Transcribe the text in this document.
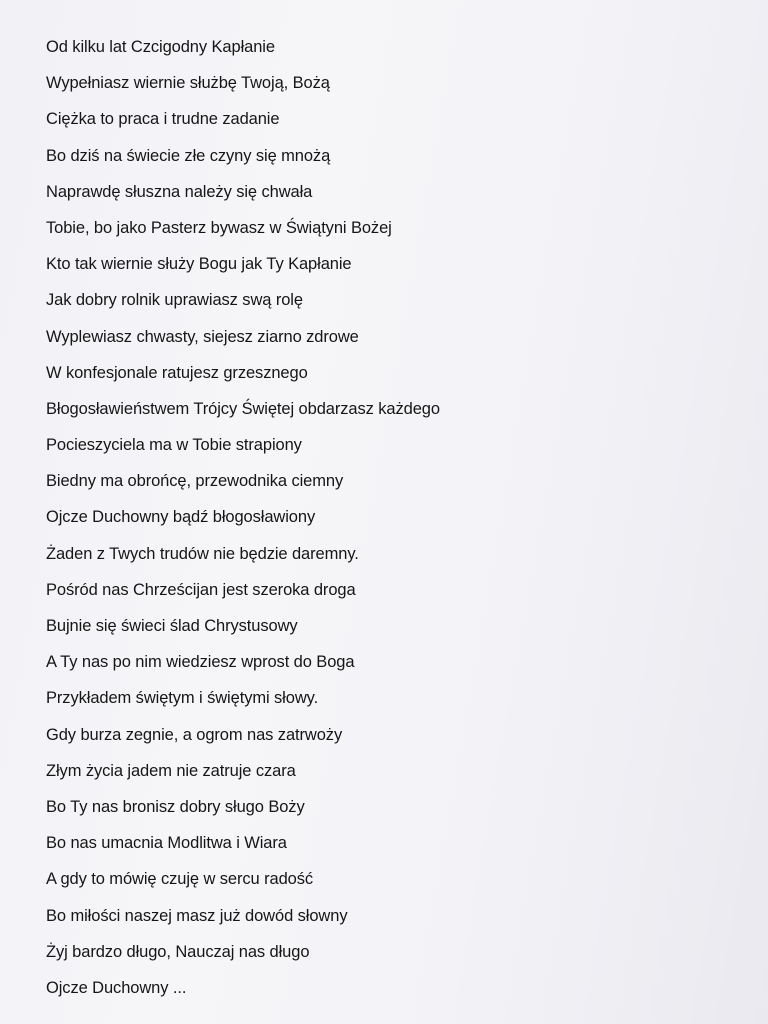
Od kilku lat Czcigodny Kapłanie
Wypełniasz wiernie służbę Twoją, Bożą
Ciężka to praca i trudne zadanie
Bo dziś na świecie złe czyny się mnożą
Naprawdę słuszna należy się chwała
Tobie, bo jako Pasterz bywasz w Świątyni Bożej
Kto tak wiernie służy Bogu jak Ty Kapłanie
Jak dobry rolnik uprawiasz swą rolę
Wyplewiasz chwasty, siejesz ziarno zdrowe
W konfesjonale ratujesz grzesznego
Błogosławieństwem Trójcy Świętej obdarzasz każdego
Pocieszyciela ma w Tobie strapiony
Biedny ma obrońcę, przewodnika ciemny
Ojcze Duchowny bądź błogosławiony
Żaden z Twych trudów nie będzie daremny.
Pośród nas Chrześcijan jest szeroka droga
Bujnie się świeci ślad Chrystusowy
A Ty nas po nim wiedziesz wprost do Boga
Przykładem świętym i świętymi słowy.
Gdy burza zegnie, a ogrom nas zatrwoży
Złym życia jadem nie zatruje czara
Bo Ty nas bronisz dobry sługo Boży
Bo nas umacnia Modlitwa i Wiara
A gdy to mówię czuję w sercu radość
Bo miłości naszej masz już dowód słowny
Żyj bardzo długo, Nauczaj nas długo
Ojcze Duchowny ...
